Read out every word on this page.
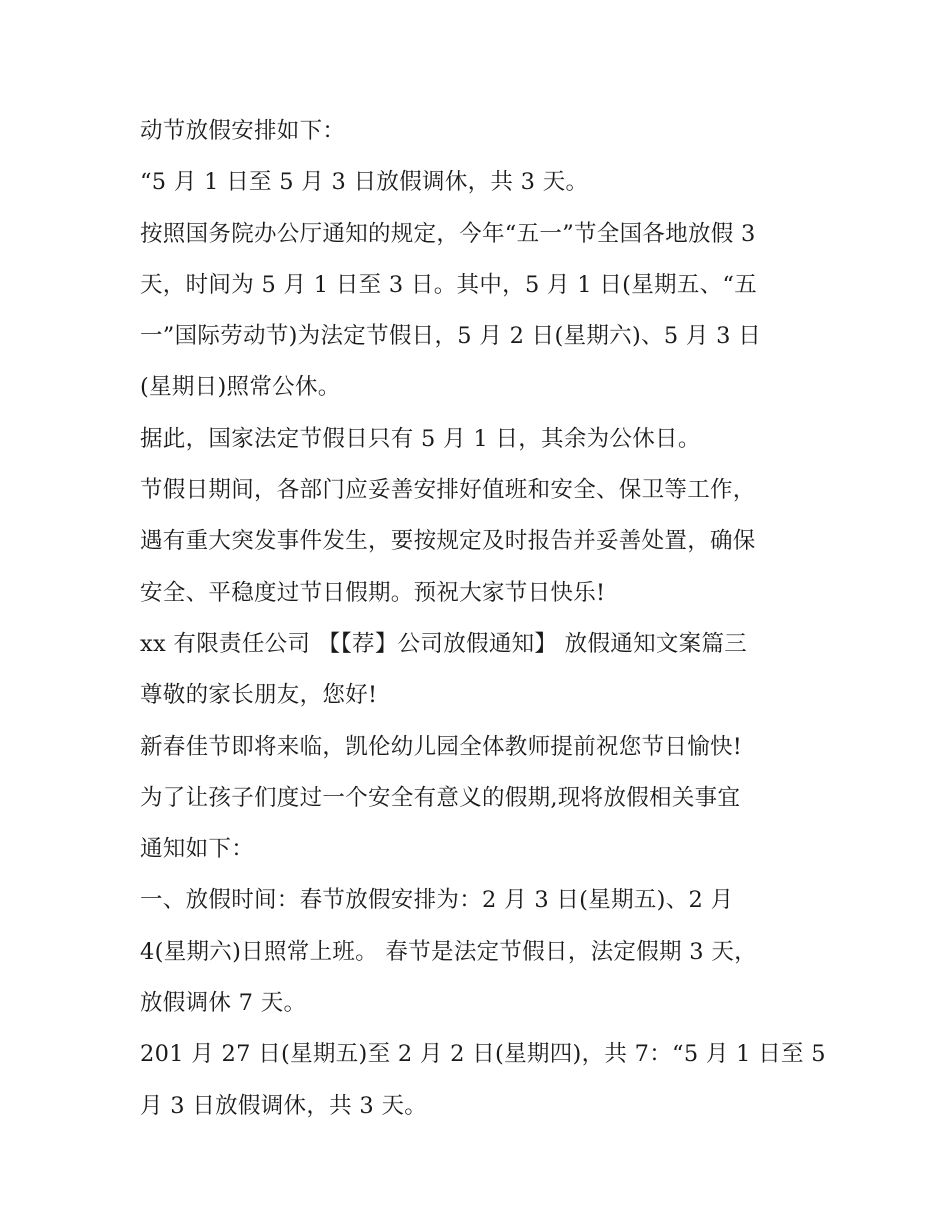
动节放假安排如下：
“5 月 1 日至 5 月 3 日放假调休，共 3 天。
按照国务院办公厅通知的规定，今年“五一”节全国各地放假 3
天，时间为 5 月 1 日至 3 日。其中，5 月 1 日(星期五、“五
一”国际劳动节)为法定节假日，5 月 2 日(星期六)、5 月 3 日
(星期日)照常公休。
据此，国家法定节假日只有 5 月 1 日，其余为公休日。
节假日期间，各部门应妥善安排好值班和安全、保卫等工作，
遇有重大突发事件发生，要按规定及时报告并妥善处置，确保
安全、平稳度过节日假期。预祝大家节日快乐!
xx 有限责任公司 【【荐】公司放假通知】 放假通知文案篇三
尊敬的家长朋友，您好!
新春佳节即将来临，凯伦幼儿园全体教师提前祝您节日愉快!
为了让孩子们度过一个安全有意义的假期,现将放假相关事宜
通知如下：
一、放假时间：春节放假安排为：2 月 3 日(星期五)、2 月
4(星期六)日照常上班。 春节是法定节假日，法定假期 3 天，
放假调休 7 天。
201 月 27 日(星期五)至 2 月 2 日(星期四)，共 7：“5 月 1 日至 5
月 3 日放假调休，共 3 天。
